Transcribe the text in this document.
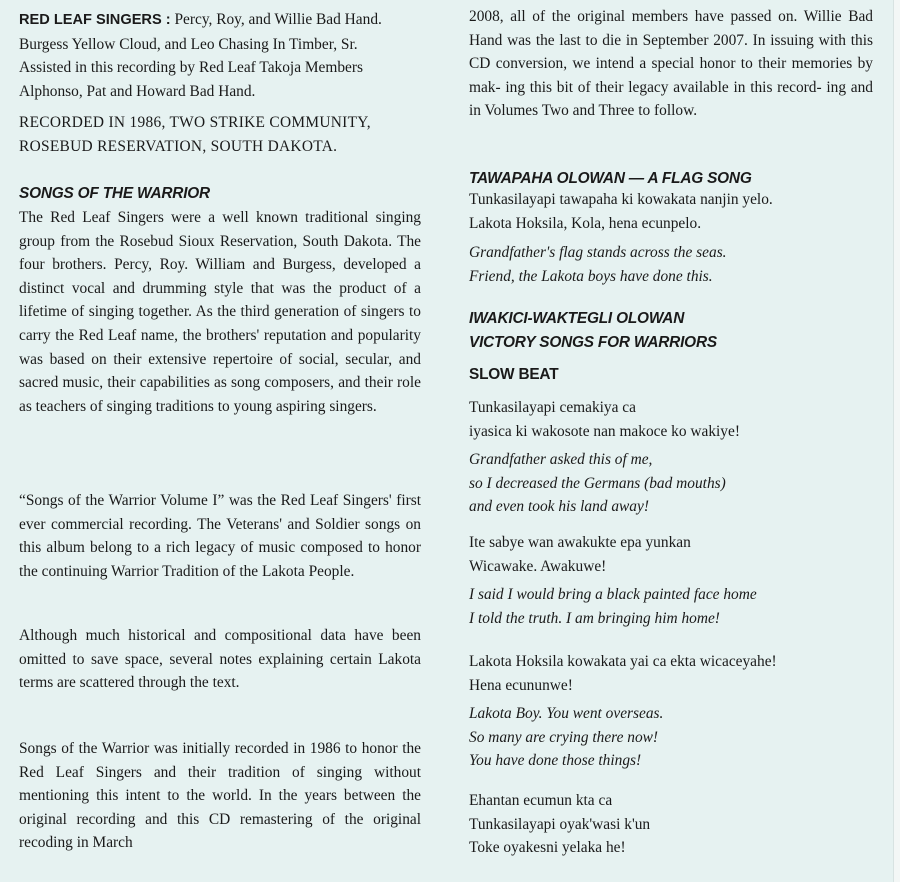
RED LEAF SINGERS : Percy, Roy, and Willie Bad Hand.
Burgess Yellow Cloud, and Leo Chasing In Timber, Sr.
Assisted in this recording by Red Leaf Takoja Members
Alphonso, Pat and Howard Bad Hand.

RECORDED IN 1986, TWO STRIKE COMMUNITY,
ROSEBUD RESERVATION, SOUTH DAKOTA.

SONGS OF THE WARRIOR

The Red Leaf Singers were a well known traditional singing group from the Rosebud Sioux Reservation, South Dakota. The four brothers. Percy, Roy. William and Burgess, developed a distinct vocal and drumming style that was the product of a lifetime of singing together. As the third generation of singers to carry the Red Leaf name, the brothers' reputation and popularity was based on their extensive repertoire of social, secular, and sacred music, their capabilities as song composers, and their role as teachers of singing traditions to young aspiring singers.

“Songs of the Warrior Volume I” was the Red Leaf Singers' first ever commercial recording. The Veterans' and Soldier songs on this album belong to a rich legacy of music composed to honor the continuing Warrior Tradition of the Lakota People.

Although much historical and compositional data have been omitted to save space, several notes explaining certain Lakota terms are scattered through the text.

Songs of the Warrior was initially recorded in 1986 to honor the Red Leaf Singers and their tradition of singing without mentioning this intent to the world. In the years between the original recording and this CD remastering of the original recoding in March

2008, all of the original members have passed on. Willie Bad Hand was the last to die in September 2007. In issuing with this CD conversion, we intend a special honor to their memories by mak- ing this bit of their legacy available in this record- ing and in Volumes Two and Three to follow.

TAWAPAHA OLOWAN — A FLAG SONG

Tunkasilayapi tawapaha ki kowakata nanjin yelo.
Lakota Hoksila, Kola, hena ecunpelo.

Grandfather's flag stands across the seas.
Friend, the Lakota boys have done this.

IWAKICI-WAKTEGLI OLOWAN
VICTORY SONGS FOR WARRIORS

SLOW BEAT

Tunkasilayapi cemakiya ca
iyasica ki wakosote nan makoce ko wakiye!

Grandfather asked this of me,
so I decreased the Germans (bad mouths)
and even took his land away!

Ite sabye wan awakukte epa yunkan
Wicawake. Awakuwe!

I said I would bring a black painted face home
I told the truth. I am bringing him home!

Lakota Hoksila kowakata yai ca ekta wicaceyahe!
Hena ecununwe!

Lakota Boy. You went overseas.
So many are crying there now!
You have done those things!

Ehantan ecumun kta ca
Tunkasilayapi oyak'wasi k'un
Toke oyakesni yelaka he!
